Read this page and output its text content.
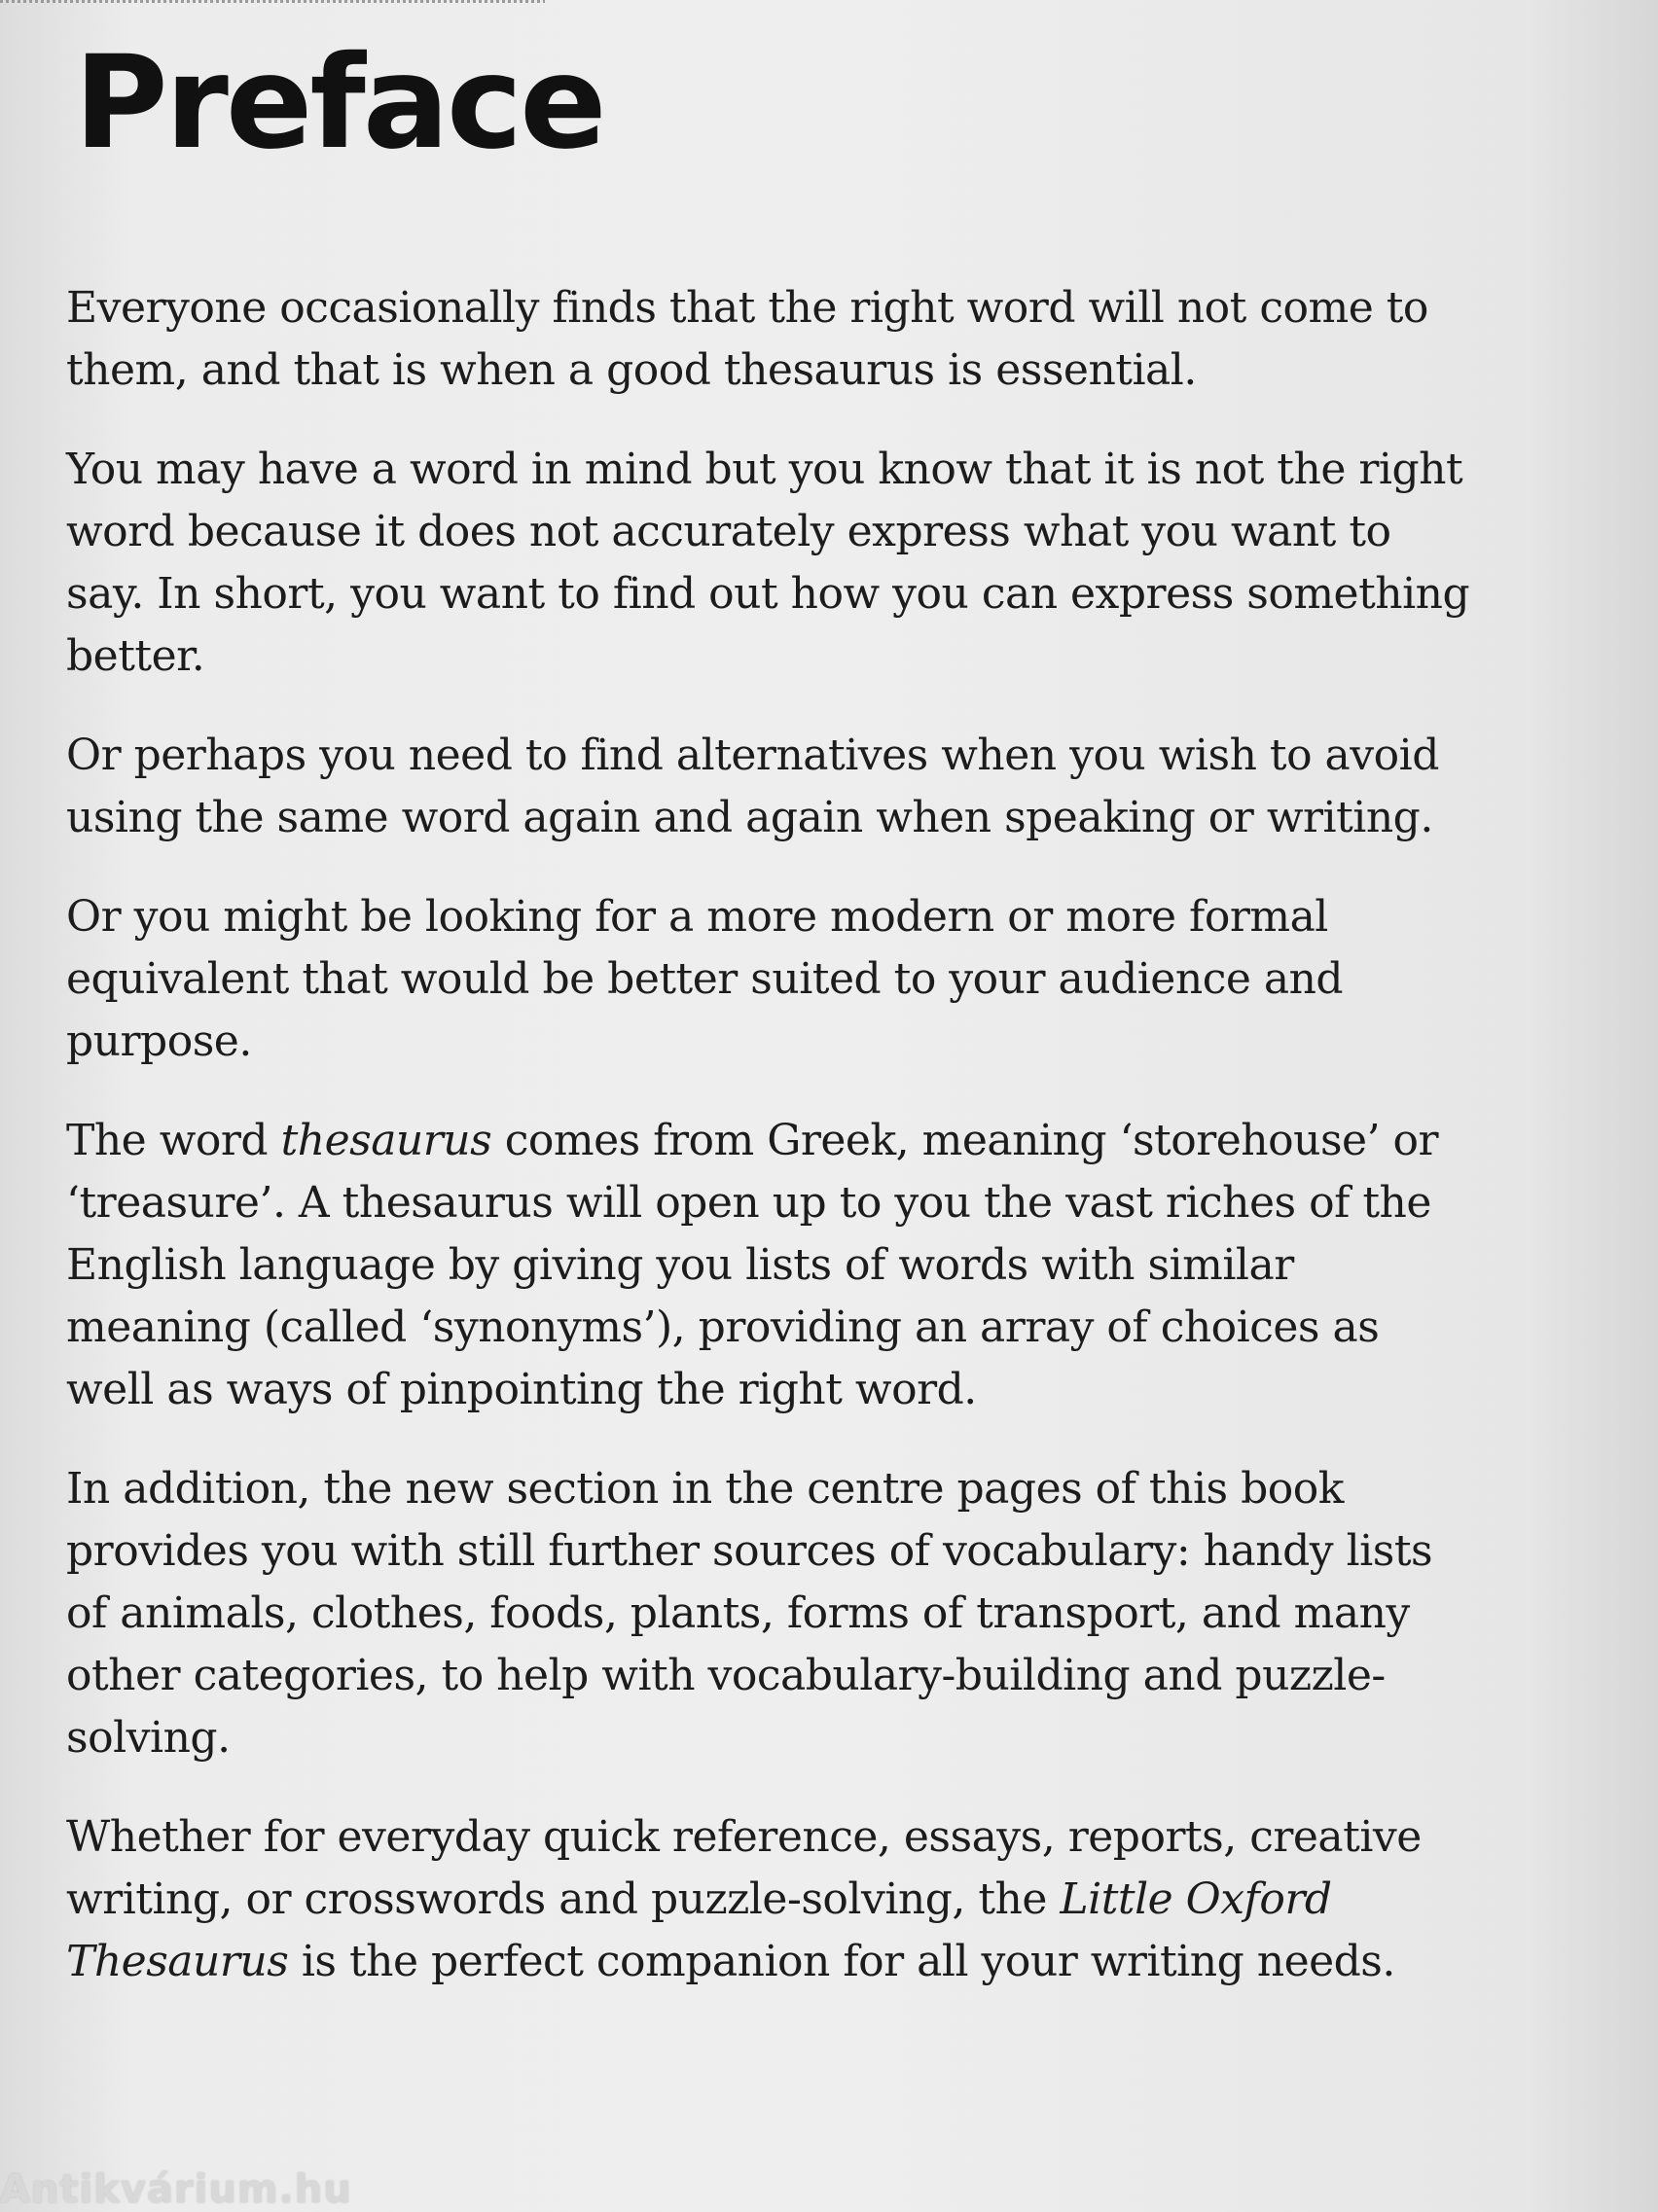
Preface

Everyone occasionally finds that the right word will not come to them, and that is when a good thesaurus is essential.

You may have a word in mind but you know that it is not the right word because it does not accurately express what you want to say. In short, you want to find out how you can express something better.

Or perhaps you need to find alternatives when you wish to avoid using the same word again and again when speaking or writing.

Or you might be looking for a more modern or more formal equivalent that would be better suited to your audience and purpose.

The word thesaurus comes from Greek, meaning ‘storehouse’ or ‘treasure’. A thesaurus will open up to you the vast riches of the English language by giving you lists of words with similar meaning (called ‘synonyms’), providing an array of choices as well as ways of pinpointing the right word.

In addition, the new section in the centre pages of this book provides you with still further sources of vocabulary: handy lists of animals, clothes, foods, plants, forms of transport, and many other categories, to help with vocabulary-building and puzzle-solving.

Whether for everyday quick reference, essays, reports, creative writing, or crosswords and puzzle-solving, the Little Oxford Thesaurus is the perfect companion for all your writing needs.

Antikvárium.hu
